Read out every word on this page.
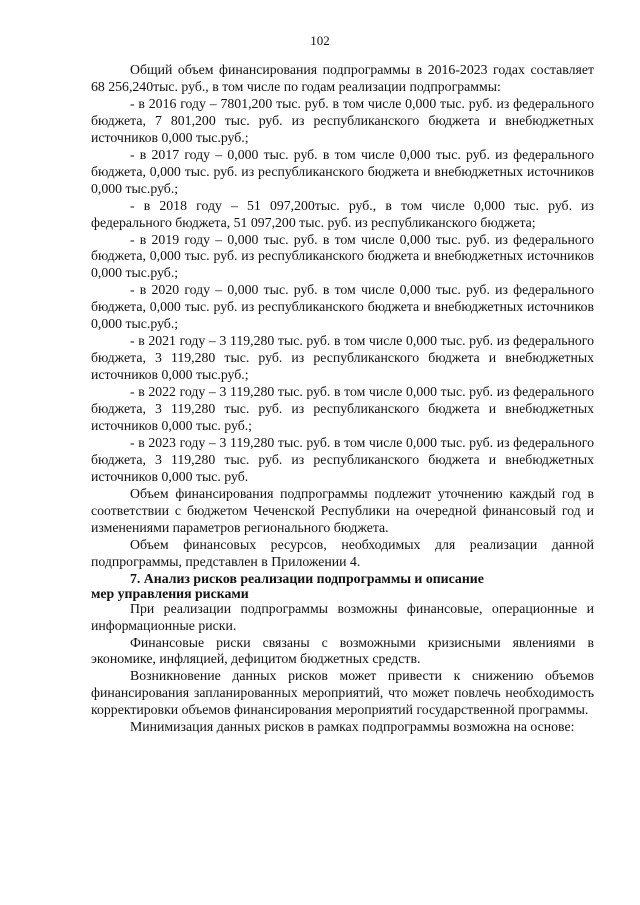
102

Общий объем финансирования подпрограммы в 2016-2023 годах составляет 68 256,240тыс. руб., в том числе по годам реализации подпрограммы:

- в 2016 году – 7801,200 тыс. руб. в том числе 0,000 тыс. руб. из федерального бюджета, 7 801,200 тыс. руб. из республиканского бюджета и внебюджетных источников 0,000 тыс.руб.;

- в 2017 году – 0,000 тыс. руб. в том числе 0,000 тыс. руб. из федерального бюджета, 0,000 тыс. руб. из республиканского бюджета и внебюджетных источников 0,000 тыс.руб.;

- в 2018 году – 51 097,200тыс. руб., в том числе 0,000 тыс. руб. из федерального бюджета, 51 097,200 тыс. руб. из республиканского бюджета;

- в 2019 году – 0,000 тыс. руб. в том числе 0,000 тыс. руб. из федерального бюджета, 0,000 тыс. руб. из республиканского бюджета и внебюджетных источников 0,000 тыс.руб.;

- в 2020 году – 0,000 тыс. руб. в том числе 0,000 тыс. руб. из федерального бюджета, 0,000 тыс. руб. из республиканского бюджета и внебюджетных источников 0,000 тыс.руб.;

- в 2021 году – 3 119,280 тыс. руб. в том числе 0,000 тыс. руб. из федерального бюджета, 3 119,280 тыс. руб. из республиканского бюджета и внебюджетных источников 0,000 тыс.руб.;

- в 2022 году – 3 119,280 тыс. руб. в том числе 0,000 тыс. руб. из федерального бюджета, 3 119,280 тыс. руб. из республиканского бюджета и внебюджетных источников 0,000 тыс. руб.;

- в 2023 году – 3 119,280 тыс. руб. в том числе 0,000 тыс. руб. из федерального бюджета, 3 119,280 тыс. руб. из республиканского бюджета и внебюджетных источников 0,000 тыс. руб.

Объем финансирования подпрограммы подлежит уточнению каждый год в соответствии с бюджетом Чеченской Республики на очередной финансовый год и изменениями параметров регионального бюджета.

Объем финансовых ресурсов, необходимых для реализации данной подпрограммы, представлен в Приложении 4.

7. Анализ рисков реализации подпрограммы и описание
мер управления рисками

При реализации подпрограммы возможны финансовые, операционные и информационные риски.

Финансовые риски связаны с возможными кризисными явлениями в экономике, инфляцией, дефицитом бюджетных средств.

Возникновение данных рисков может привести к снижению объемов финансирования запланированных мероприятий, что может повлечь необходимость корректировки объемов финансирования мероприятий государственной программы.

Минимизация данных рисков в рамках подпрограммы возможна на основе:
